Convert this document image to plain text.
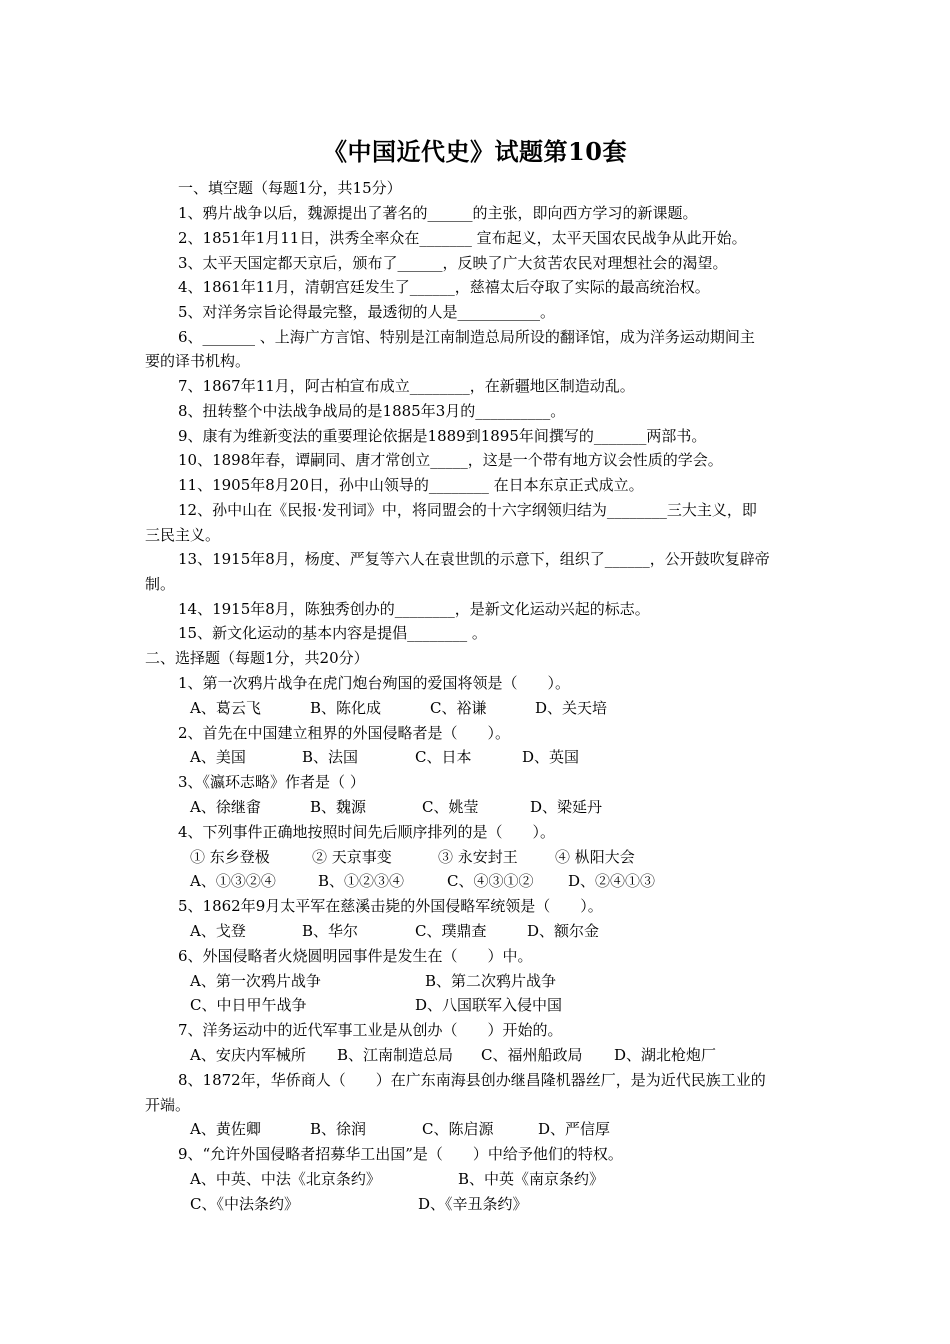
《中国近代史》试题第10套
一、填空题（每题1分，共15分）
1、鸦片战争以后，魏源提出了著名的______的主张，即向西方学习的新课题。
2、1851年1月11日，洪秀全率众在_______ 宣布起义，太平天国农民战争从此开始。
3、太平天国定都天京后，颁布了______，反映了广大贫苦农民对理想社会的渴望。
4、1861年11月，清朝宫廷发生了______，慈禧太后夺取了实际的最高统治权。
5、对洋务宗旨论得最完整，最透彻的人是___________。
6、_______ 、上海广方言馆、特别是江南制造总局所设的翻译馆，成为洋务运动期间主
要的译书机构。
7、1867年11月，阿古柏宣布成立________，在新疆地区制造动乱。
8、扭转整个中法战争战局的是1885年3月的__________。
9、康有为维新变法的重要理论依据是1889到1895年间撰写的_______两部书。
10、1898年春，谭嗣同、唐才常创立_____，这是一个带有地方议会性质的学会。
11、1905年8月20日，孙中山领导的________ 在日本东京正式成立。
12、孙中山在《民报·发刊词》中，将同盟会的十六字纲领归结为________三大主义，即
三民主义。
13、1915年8月，杨度、严复等六人在袁世凯的示意下，组织了______，公开鼓吹复辟帝
制。
14、1915年8月，陈独秀创办的________，是新文化运动兴起的标志。
15、新文化运动的基本内容是提倡________ 。
二、选择题（每题1分，共20分）
1、第一次鸦片战争在虎门炮台殉国的爱国将领是（　　）。
A、葛云飞	B、陈化成	C、裕谦	D、关天培
2、首先在中国建立租界的外国侵略者是（　　）。
A、美国	B、法国	C、日本	D、英国
3、《瀛环志略》作者是（ ）
A、徐继畬	B、魏源	C、姚莹	D、梁延丹
4、下列事件正确地按照时间先后顺序排列的是（　　）。
① 东乡登极	② 天京事变	③ 永安封王 ④ 枞阳大会
A、①③②④	B、①②③④	C、④③①② D、②④①③
5、1862年9月太平军在慈溪击毙的外国侵略军统领是（　　）。
A、戈登	B、华尔	C、璞鼎查	D、额尔金
6、外国侵略者火烧圆明园事件是发生在（　　）中。
A、第一次鸦片战争	B、第二次鸦片战争
C、中日甲午战争	D、八国联军入侵中国
7、洋务运动中的近代军事工业是从创办（　　）开始的。
A、安庆内军械所 B、江南制造总局 C、福州船政局 D、湖北枪炮厂
8、1872年，华侨商人（　　）在广东南海县创办继昌隆机器丝厂，是为近代民族工业的
开端。
A、黄佐卿	B、徐润	C、陈启源	D、严信厚
9、“允许外国侵略者招募华工出国”是（　　）中给予他们的特权。
A、中英、中法《北京条约》	B、中英《南京条约》
C、《中法条约》	D、《辛丑条约》
